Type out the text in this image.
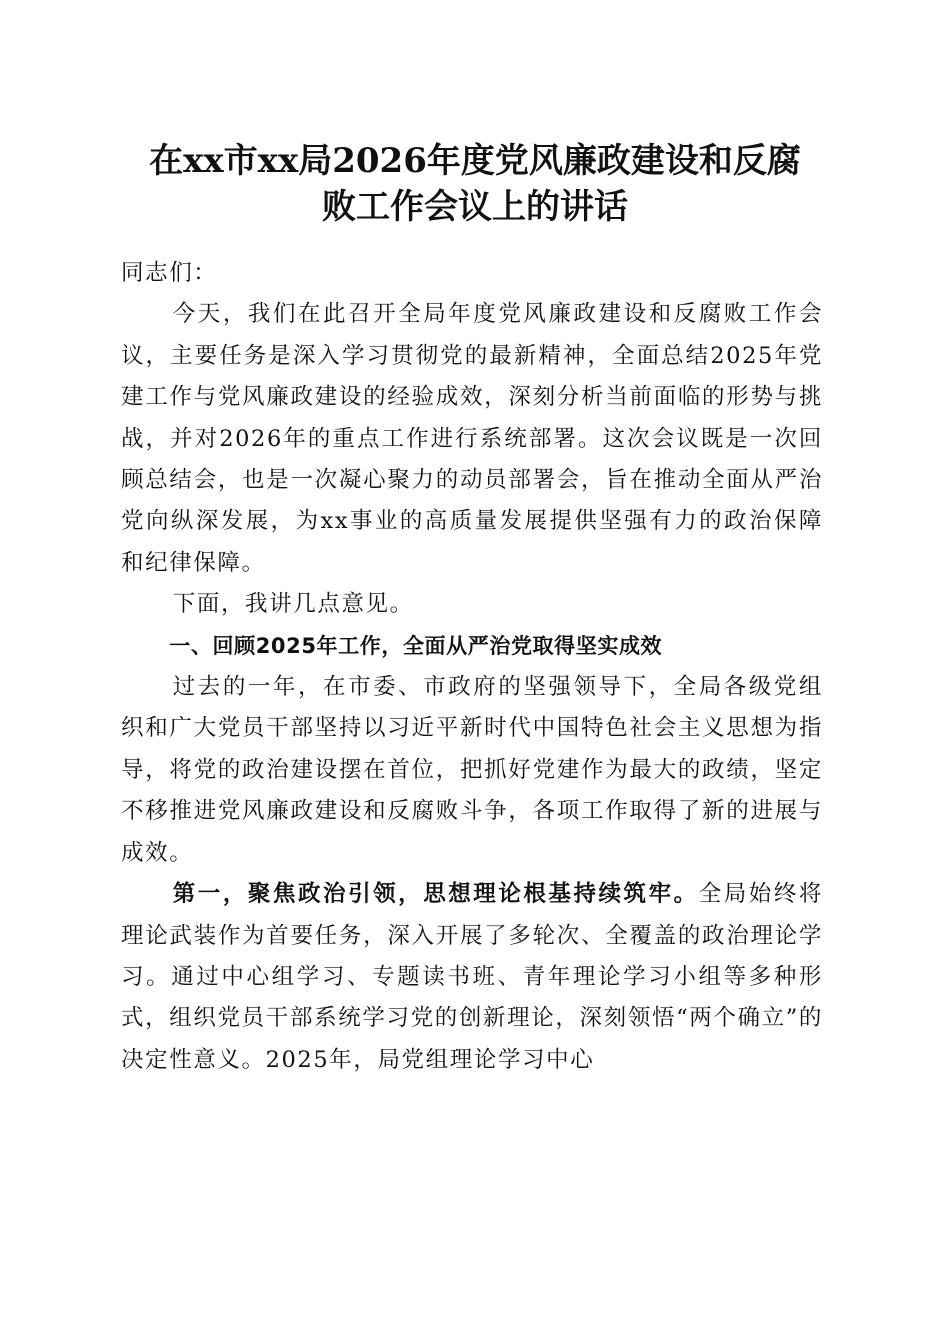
在xx市xx局2026年度党风廉政建设和反腐
败工作会议上的讲话

同志们：

今天，我们在此召开全局年度党风廉政建设和反腐败工作会议，主要任务是深入学习贯彻党的最新精神，全面总结2025年党建工作与党风廉政建设的经验成效，深刻分析当前面临的形势与挑战，并对2026年的重点工作进行系统部署。这次会议既是一次回顾总结会，也是一次凝心聚力的动员部署会，旨在推动全面从严治党向纵深发展，为xx事业的高质量发展提供坚强有力的政治保障和纪律保障。

下面，我讲几点意见。

一、回顾2025年工作，全面从严治党取得坚实成效

过去的一年，在市委、市政府的坚强领导下，全局各级党组织和广大党员干部坚持以习近平新时代中国特色社会主义思想为指导，将党的政治建设摆在首位，把抓好党建作为最大的政绩，坚定不移推进党风廉政建设和反腐败斗争，各项工作取得了新的进展与成效。

第一，聚焦政治引领，思想理论根基持续筑牢。全局始终将理论武装作为首要任务，深入开展了多轮次、全覆盖的政治理论学习。通过中心组学习、专题读书班、青年理论学习小组等多种形式，组织党员干部系统学习党的创新理论，深刻领悟“两个确立”的决定性意义。2025年，局党组理论学习中心
